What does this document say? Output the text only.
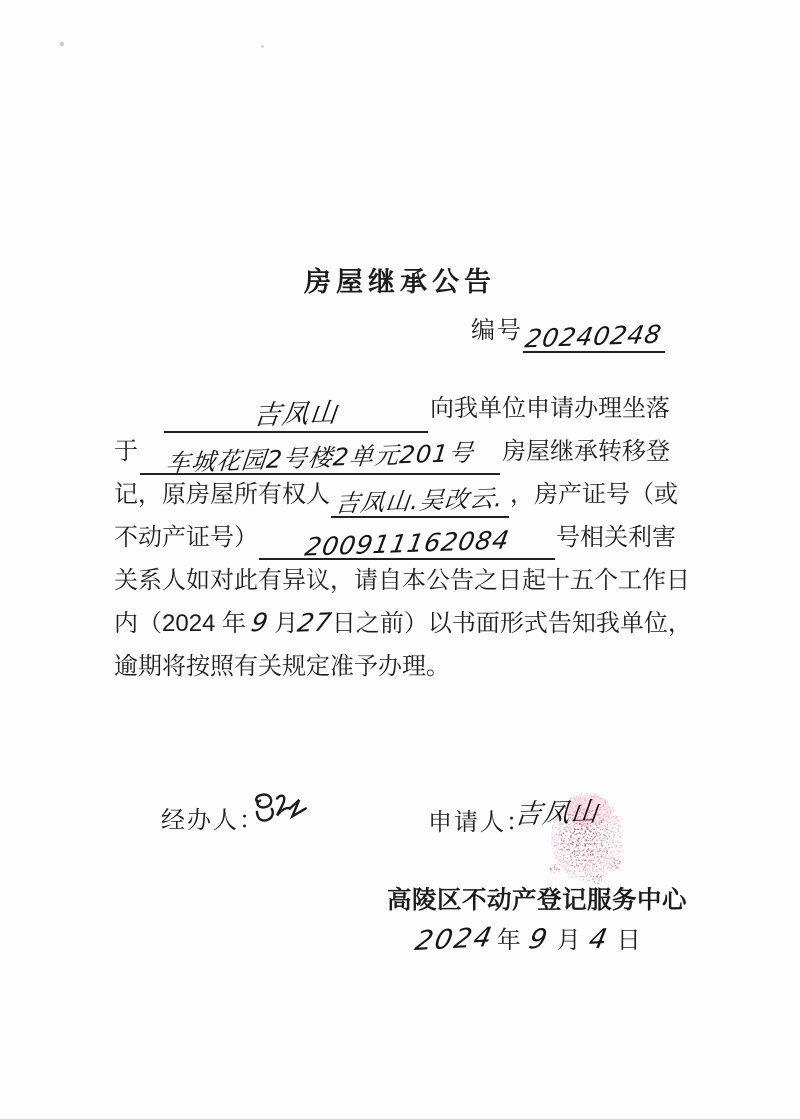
房屋继承公告
编号 20240248
吉凤山	向我单位申请办理坐落
于 车城花园2号楼2单元201号 房屋继承转移登
记，原房屋所有权人 吉凤山.吴改云. ，房产证号（或
不动产证号） 200911162084 号相关利害
关系人如对此有异议，请自本公告之日起十五个工作日
内（2024 年 9 月27日之前）以书面形式告知我单位，
逾期将按照有关规定准予办理。
经办人：	申请人：
吉凤山
高陵区不动产登记服务中心
2024年 9 月 4 日
